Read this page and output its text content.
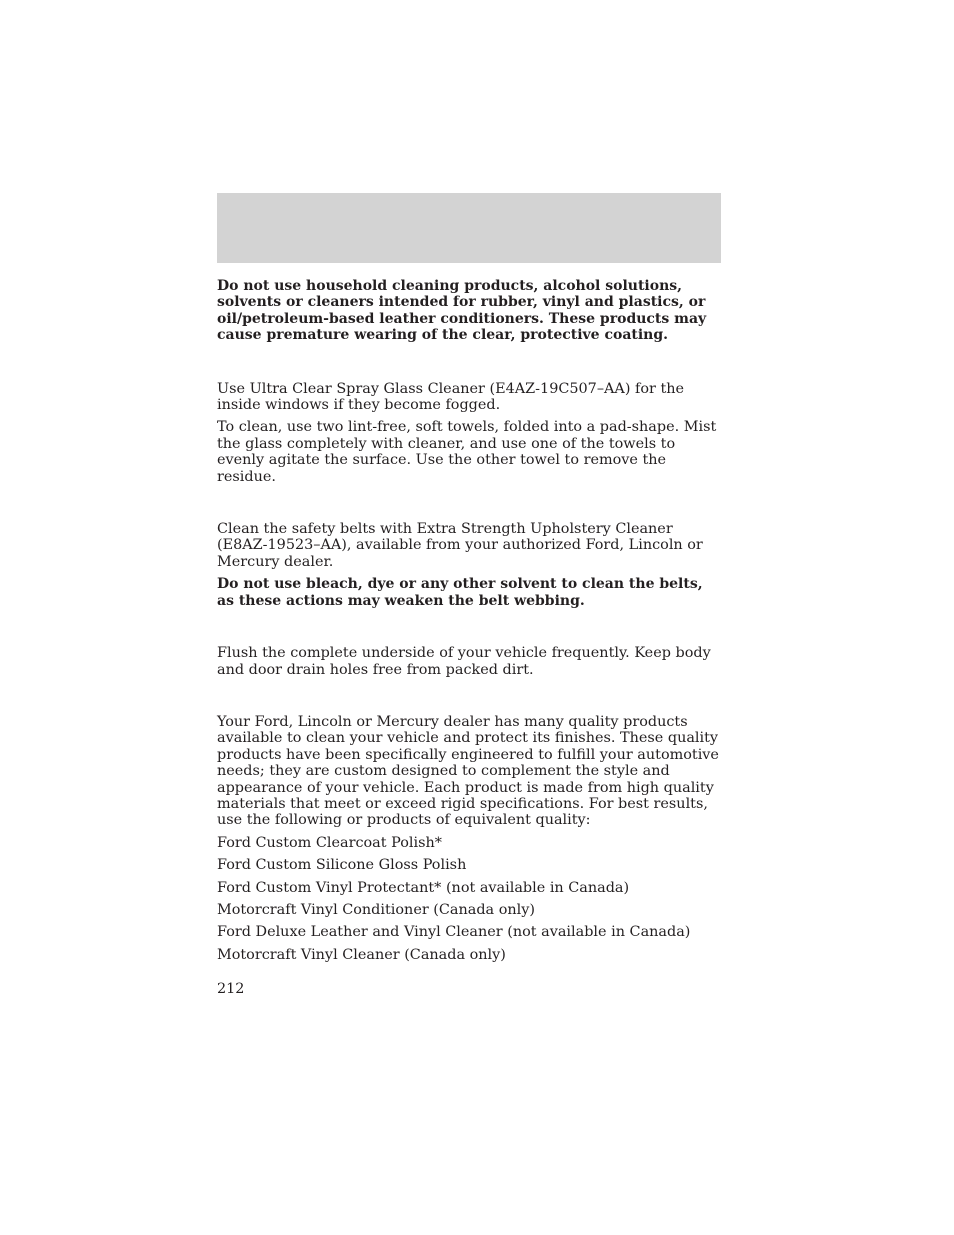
Do not use household cleaning products, alcohol solutions, solvents or cleaners intended for rubber, vinyl and plastics, or oil/petroleum-based leather conditioners. These products may cause premature wearing of the clear, protective coating.

Use Ultra Clear Spray Glass Cleaner (E4AZ-19C507–AA) for the inside windows if they become fogged.

To clean, use two lint-free, soft towels, folded into a pad-shape. Mist the glass completely with cleaner, and use one of the towels to evenly agitate the surface. Use the other towel to remove the residue.

Clean the safety belts with Extra Strength Upholstery Cleaner (E8AZ-19523–AA), available from your authorized Ford, Lincoln or Mercury dealer.

Do not use bleach, dye or any other solvent to clean the belts, as these actions may weaken the belt webbing.

Flush the complete underside of your vehicle frequently. Keep body and door drain holes free from packed dirt.

Your Ford, Lincoln or Mercury dealer has many quality products available to clean your vehicle and protect its finishes. These quality products have been specifically engineered to fulfill your automotive needs; they are custom designed to complement the style and appearance of your vehicle. Each product is made from high quality materials that meet or exceed rigid specifications. For best results, use the following or products of equivalent quality:

Ford Custom Clearcoat Polish*

Ford Custom Silicone Gloss Polish

Ford Custom Vinyl Protectant* (not available in Canada)

Motorcraft Vinyl Conditioner (Canada only)

Ford Deluxe Leather and Vinyl Cleaner (not available in Canada)

Motorcraft Vinyl Cleaner (Canada only)

212
